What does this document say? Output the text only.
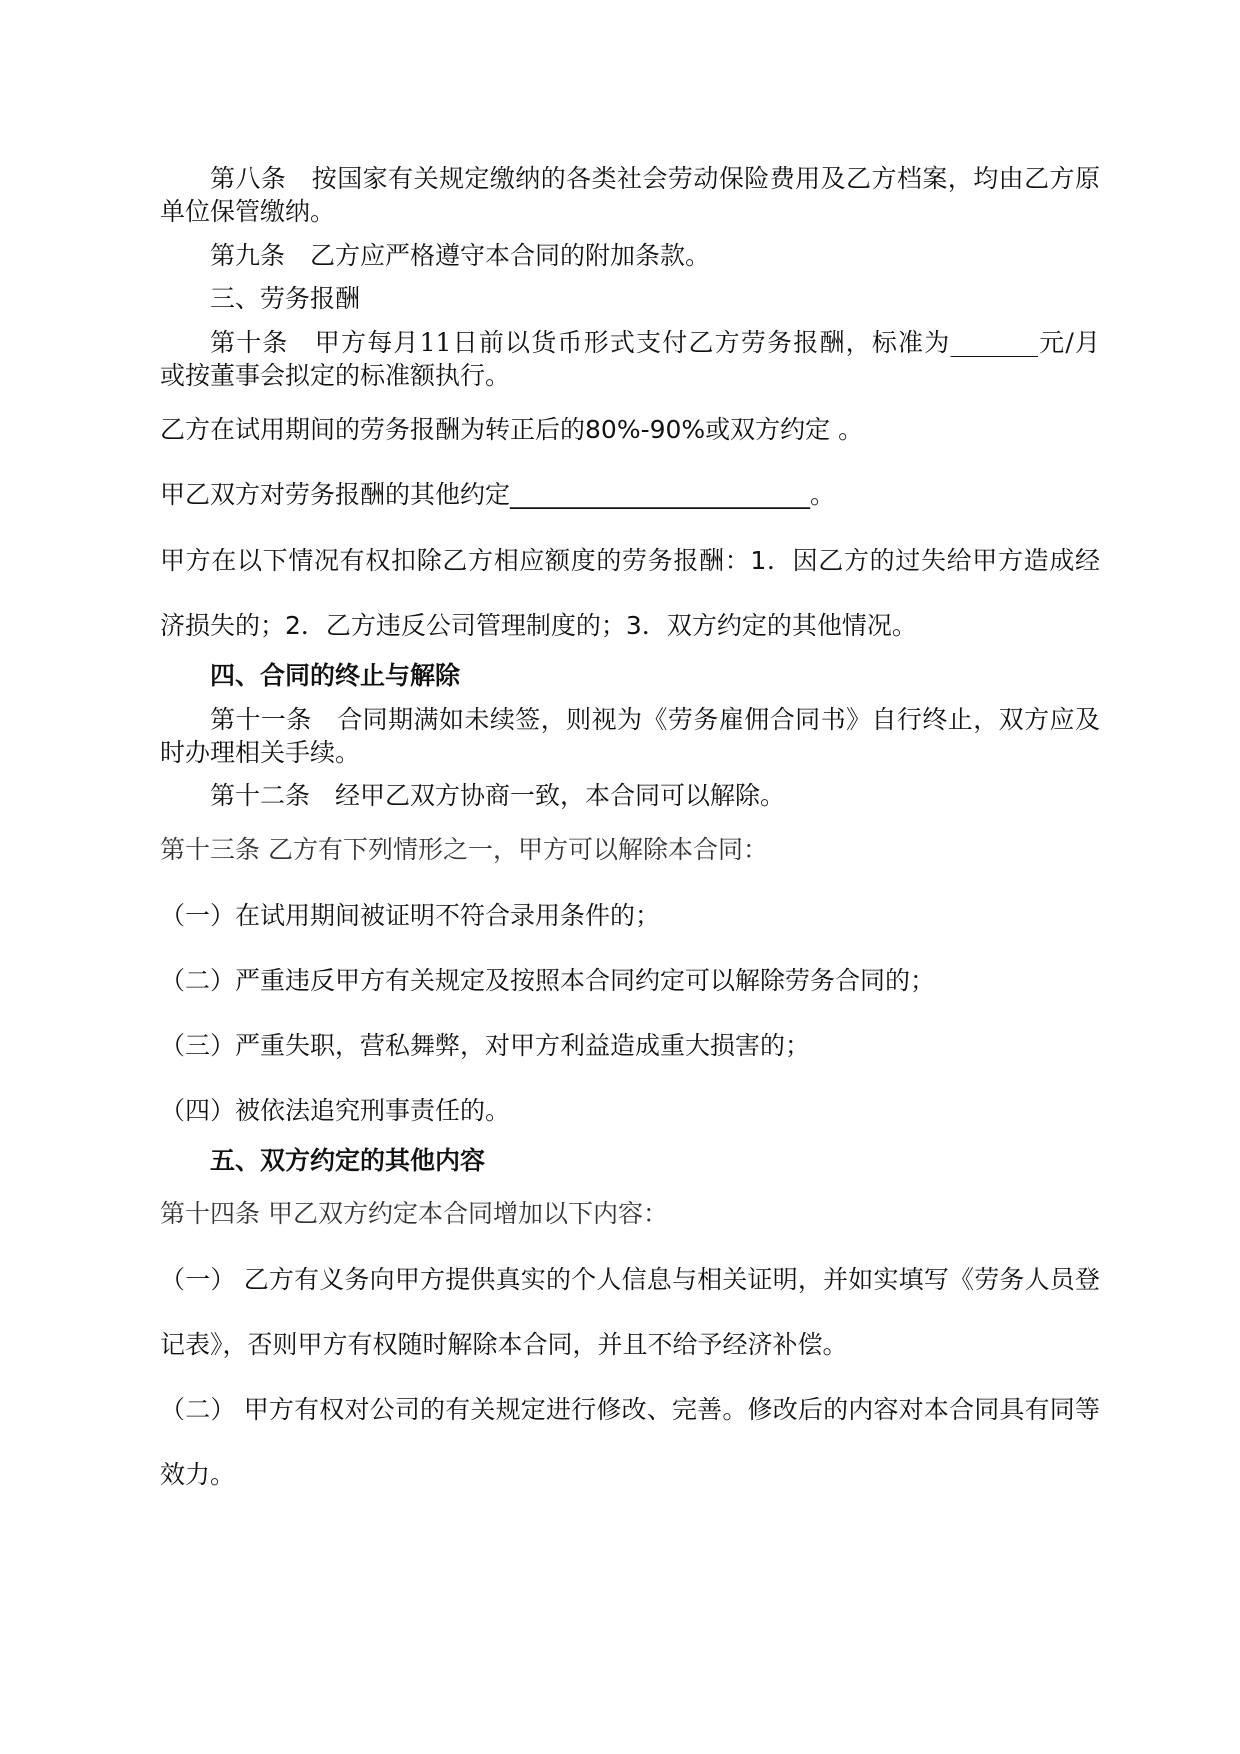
第八条　按国家有关规定缴纳的各类社会劳动保险费用及乙方档案，均由乙方原

单位保管缴纳。

第九条　乙方应严格遵守本合同的附加条款。

三、劳务报酬

第十条　甲方每月11日前以货币形式支付乙方劳务报酬，标准为_______元/月

或按董事会拟定的标准额执行。

乙方在试用期间的劳务报酬为转正后的80%-90%或双方约定 。

甲乙双方对劳务报酬的其他约定________________________。

甲方在以下情况有权扣除乙方相应额度的劳务报酬：1．因乙方的过失给甲方造成经

济损失的；2．乙方违反公司管理制度的；3．双方约定的其他情况。

四、合同的终止与解除

第十一条　合同期满如未续签，则视为《劳务雇佣合同书》自行终止，双方应及

时办理相关手续。

第十二条　经甲乙双方协商一致，本合同可以解除。

第十三条 乙方有下列情形之一，甲方可以解除本合同：

（一）在试用期间被证明不符合录用条件的；

（二）严重违反甲方有关规定及按照本合同约定可以解除劳务合同的；

（三）严重失职，营私舞弊，对甲方利益造成重大损害的；

（四）被依法追究刑事责任的。

五、双方约定的其他内容

第十四条 甲乙双方约定本合同增加以下内容：

（一） 乙方有义务向甲方提供真实的个人信息与相关证明，并如实填写《劳务人员登

记表》，否则甲方有权随时解除本合同，并且不给予经济补偿。

（二） 甲方有权对公司的有关规定进行修改、完善。修改后的内容对本合同具有同等

效力。
